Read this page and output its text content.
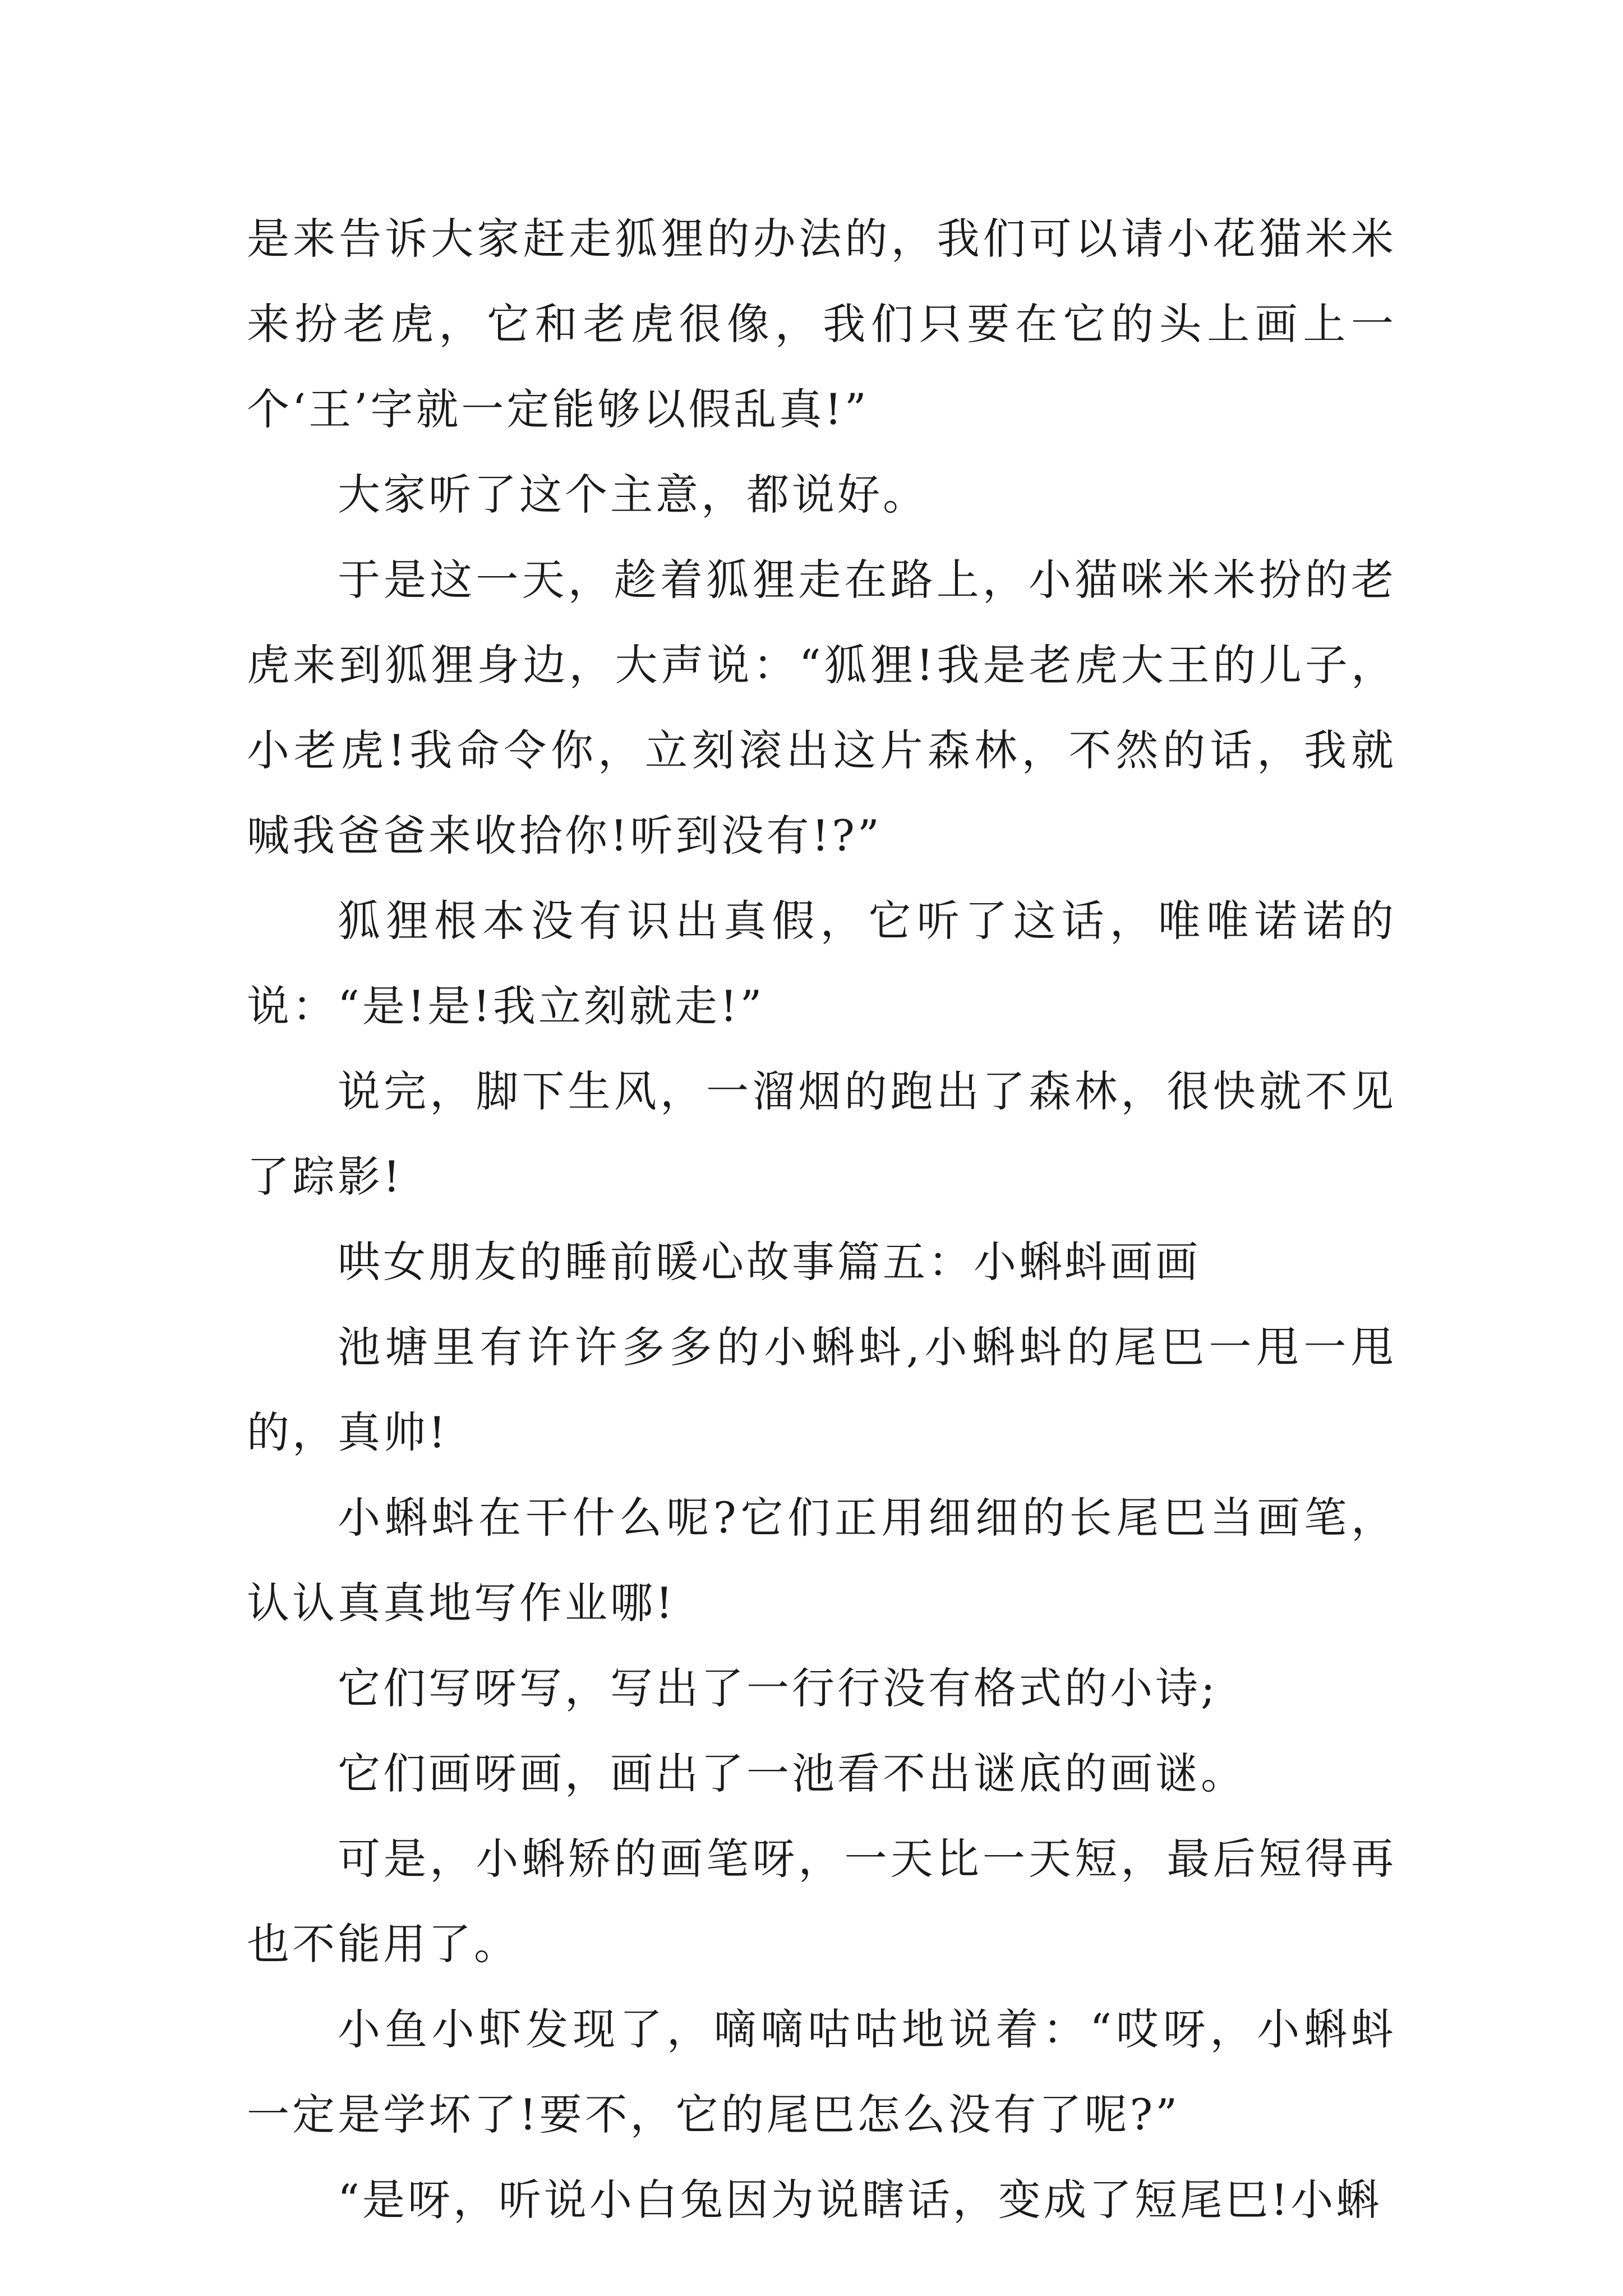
是来告诉大家赶走狐狸的办法的，我们可以请小花猫米米来扮老虎，它和老虎很像，我们只要在它的头上画上一个‘王’字就一定能够以假乱真!”

大家听了这个主意，都说好。

于是这一天，趁着狐狸走在路上，小猫咪米米扮的老虎来到狐狸身边，大声说：“狐狸!我是老虎大王的儿子，小老虎!我命令你，立刻滚出这片森林，不然的话，我就喊我爸爸来收拾你!听到没有!?”

狐狸根本没有识出真假，它听了这话，唯唯诺诺的说：“是!是!我立刻就走!”

说完，脚下生风，一溜烟的跑出了森林，很快就不见了踪影!

哄女朋友的睡前暖心故事篇五：小蝌蚪画画

池塘里有许许多多的小蝌蚪,小蝌蚪的尾巴一甩一甩的，真帅!

小蝌蚪在干什么呢?它们正用细细的长尾巴当画笔，认认真真地写作业哪!

它们写呀写，写出了一行行没有格式的小诗;

它们画呀画，画出了一池看不出谜底的画谜。

可是，小蝌矫的画笔呀，一天比一天短，最后短得再也不能用了。

小鱼小虾发现了，嘀嘀咕咕地说着：“哎呀，小蝌蚪一定是学坏了!要不，它的尾巴怎么没有了呢?”

“是呀，听说小白兔因为说瞎话，变成了短尾巴!小蝌
